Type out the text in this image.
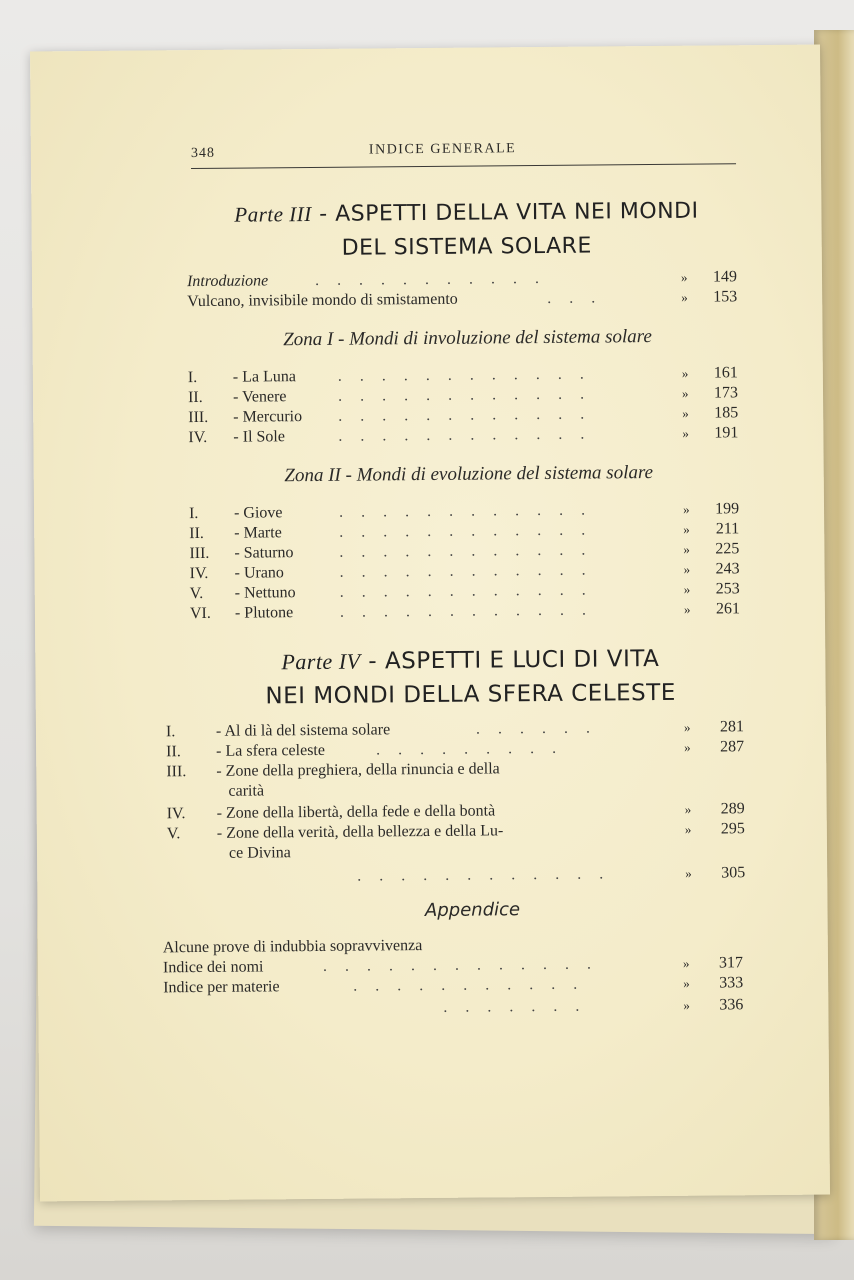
348	INDICE GENERALE
Parte III - ASPETTI DELLA VITA NEI MONDI
DEL SISTEMA SOLARE
Introduzione	. . . . . . . . . . .	»	149
Vulcano, invisibile mondo di smistamento	. . .	»	153
Zona I - Mondi di involuzione del sistema solare
I. - La Luna	. . . . . . . . . . . .	»	161
II. - Venere	. . . . . . . . . . . .	»	173
III. - Mercurio . . . . . . . . . . . .	»	185
IV. - Il Sole	. . . . . . . . . . . .	»	191
Zona II - Mondi di evoluzione del sistema solare
I. - Giove	. . . . . . . . . . . .	»	199
II. - Marte	. . . . . . . . . . . .	»	211
III. - Saturno	. . . . . . . . . . . .	»	225
IV. - Urano	. . . . . . . . . . . .	»	243
V. - Nettuno	. . . . . . . . . . . .	»	253
VI. - Plutone	. . . . . . . . . . . .	»	261
Parte IV - ASPETTI E LUCI DI VITA
NEI MONDI DELLA SFERA CELESTE
I.	- Al di là del sistema solare	. . . . . .	»	281
II. - La sfera celeste	. . . . . . . . .	»	287
III. - Zone della preghiera, della rinuncia e della
carità
IV. - Zone della libertà, della fede e della bontà	»	289
V. - Zone della verità, della bellezza e della Lu-	»	295
ce Divina
. . . . . . . . . . . .	»	305
Appendice
Alcune prove di indubbia sopravvivenza
Indice dei nomi	. . . . . . . . . . . . .	»	317
Indice per materie	. . . . . . . . . . .	»	333
. . . . . . .	»	336
